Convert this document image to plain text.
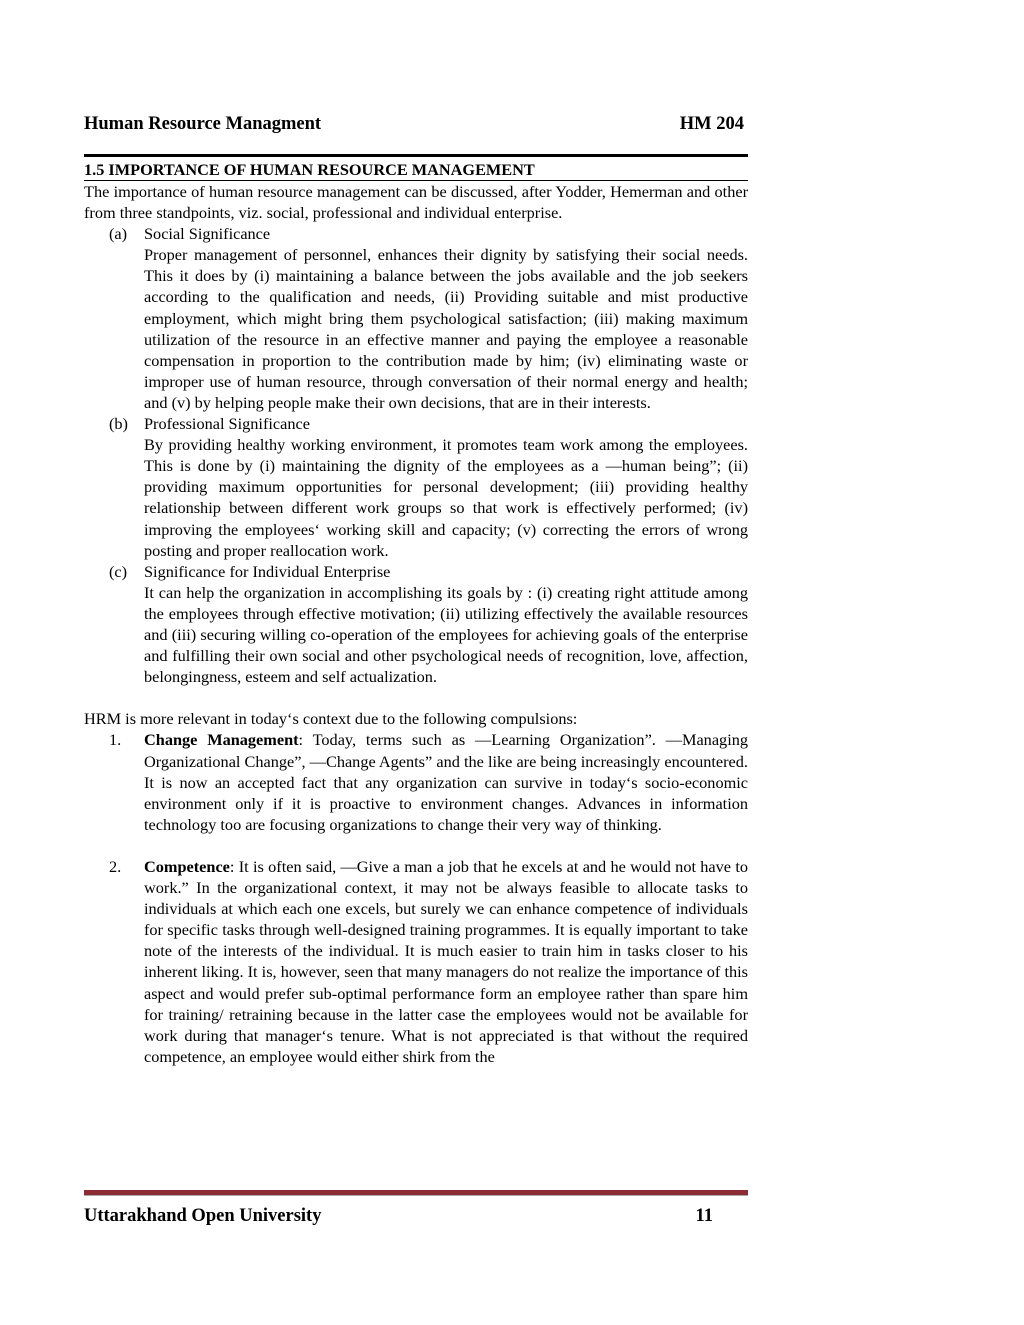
Human Resource Managment	HM 204
1.5 IMPORTANCE OF HUMAN RESOURCE MANAGEMENT

The importance of human resource management can be discussed, after Yodder, Hemerman and other from three standpoints, viz. social, professional and individual enterprise.

(a)	Social Significance

Proper management of personnel, enhances their dignity by satisfying their social needs. This it does by (i) maintaining a balance between the jobs available and the job seekers according to the qualification and needs, (ii) Providing suitable and mist productive employment, which might bring them psychological satisfaction; (iii) making maximum utilization of the resource in an effective manner and paying the employee a reasonable compensation in proportion to the contribution made by him; (iv) eliminating waste or improper use of human resource, through conversation of their normal energy and health; and (v) by helping people make their own decisions, that are in their interests.

(b) Professional Significance

By providing healthy working environment, it promotes team work among the employees. This is done by (i) maintaining the dignity of the employees as a ―human being”; (ii) providing maximum opportunities for personal development; (iii) providing healthy relationship between different work groups so that work is effectively performed; (iv) improving the employees‘ working skill and capacity; (v) correcting the errors of wrong posting and proper reallocation work.

(c)	Significance for Individual Enterprise

It can help the organization in accomplishing its goals by : (i) creating right attitude among the employees through effective motivation; (ii) utilizing effectively the available resources and (iii) securing willing co-operation of the employees for achieving goals of the enterprise and fulfilling their own social and other psychological needs of recognition, love, affection, belongingness, esteem and self actualization.

HRM is more relevant in today‘s context due to the following compulsions:

1.	Change Management: Today, terms such as ―Learning Organization”. ―Managing Organizational Change”, ―Change Agents” and the like are being increasingly encountered. It is now an accepted fact that any organization can survive in today‘s socio-economic environment only if it is proactive to environment changes. Advances in information technology too are focusing organizations to change their very way of thinking.

2.	Competence: It is often said, ―Give a man a job that he excels at and he would not have to work.” In the organizational context, it may not be always feasible to allocate tasks to individuals at which each one excels, but surely we can enhance competence of individuals for specific tasks through well-designed training programmes. It is equally important to take note of the interests of the individual. It is much easier to train him in tasks closer to his inherent liking. It is, however, seen that many managers do not realize the importance of this aspect and would prefer sub-optimal performance form an employee rather than spare him for training/ retraining because in the latter case the employees would not be available for work during that manager‘s tenure. What is not appreciated is that without the required competence, an employee would either shirk from the

Uttarakhand Open University	11
